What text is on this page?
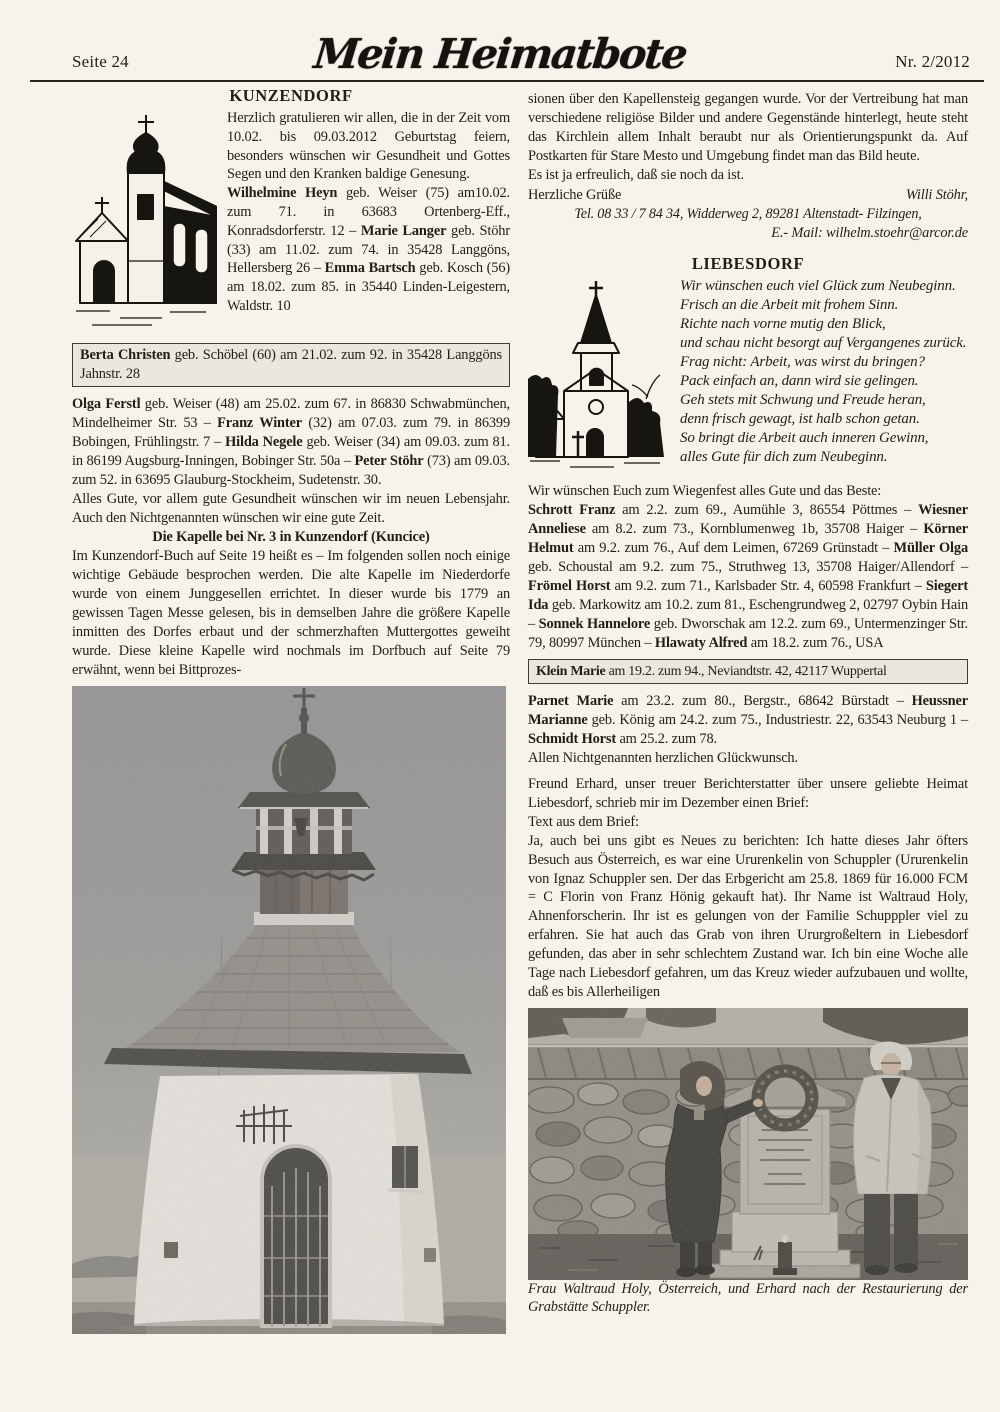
Seite 24	Mein Heimatbote	Nr. 2/2012
KUNZENDORF

Herzlich gratulieren wir allen, die in der Zeit vom 10.02. bis 09.03.2012 Geburtstag feiern, besonders wünschen wir Gesundheit und Gottes Segen und den Kranken baldige Genesung.

Wilhelmine Heyn geb. Weiser (75) am10.02. zum 71. in 63683 Ortenberg-Eff., Konradsdorferstr. 12 – Marie Langer geb. Stöhr (33) am 11.02. zum 74. in 35428 Langgöns, Hellersberg 26 – Emma Bartsch geb. Kosch (56) am 18.02. zum 85. in 35440 Linden-Leigestern, Waldstr. 10

Berta Christen geb. Schöbel (60) am 21.02. zum 92. in 35428 Langgöns Jahnstr. 28

Olga Ferstl geb. Weiser (48) am 25.02. zum 67. in 86830 Schwabmünchen, Mindelheimer Str. 53 – Franz Winter (32) am 07.03. zum 79. in 86399 Bobingen, Frühlingstr. 7 – Hilda Negele geb. Weiser (34) am 09.03. zum 81. in 86199 Augsburg-Inningen, Bobinger Str. 50a – Peter Stöhr (73) am 09.03. zum 52. in 63695 Glauburg-Stockheim, Sudetenstr. 30.

Alles Gute, vor allem gute Gesundheit wünschen wir im neuen Lebensjahr. Auch den Nichtgenannten wünschen wir eine gute Zeit.

Die Kapelle bei Nr. 3 in Kunzendorf (Kuncice)

Im Kunzendorf-Buch auf Seite 19 heißt es – Im folgenden sollen noch einige wichtige Gebäude besprochen werden. Die alte Kapelle im Niederdorfe wurde von einem Junggesellen errichtet. In dieser wurde bis 1779 an gewissen Tagen Messe gelesen, bis in demselben Jahre die größere Kapelle inmitten des Dorfes erbaut und der schmerzhaften Muttergottes geweiht wurde. Diese kleine Kapelle wird nochmals im Dorfbuch auf Seite 79 erwähnt, wenn bei Bittprozes-

sionen über den Kapellensteig gegangen wurde. Vor der Vertreibung hat man verschiedene religiöse Bilder und andere Gegenstände hinterlegt, heute steht das Kirchlein allem Inhalt beraubt nur als Orientierungspunkt da. Auf Postkarten für Stare Mesto und Umgebung findet man das Bild heute.

Es ist ja erfreulich, daß sie noch da ist.

Herzliche Grüße	Willi Stöhr,

Tel. 08 33 / 7 84 34, Widderweg 2, 89281 Altenstadt- Filzingen,

E.- Mail: wilhelm.stoehr@arcor.de

LIEBESDORF
Wir wünschen euch viel Glück zum Neubeginn.
Frisch an die Arbeit mit frohem Sinn.
Richte nach vorne mutig den Blick,
und schau nicht besorgt auf Vergangenes zurück.
Frag nicht: Arbeit, was wirst du bringen?
Pack einfach an, dann wird sie gelingen.
Geh stets mit Schwung und Freude heran,
denn frisch gewagt, ist halb schon getan.
So bringt die Arbeit auch inneren Gewinn,
alles Gute für dich zum Neubeginn.

Wir wünschen Euch zum Wiegenfest alles Gute und das Beste:

Schrott Franz am 2.2. zum 69., Aumühle 3, 86554 Pöttmes – Wiesner Anneliese am 8.2. zum 73., Kornblumenweg 1b, 35708 Haiger – Körner Helmut am 9.2. zum 76., Auf dem Leimen, 67269 Grünstadt – Müller Olga geb. Schoustal am 9.2. zum 75., Struthweg 13, 35708 Haiger/Allendorf – Frömel Horst am 9.2. zum 71., Karlsbader Str. 4, 60598 Frankfurt – Siegert Ida geb. Markowitz am 10.2. zum 81., Eschengrundweg 2, 02797 Oybin Hain – Sonnek Hannelore geb. Dworschak am 12.2. zum 69., Untermenzinger Str. 79, 80997 München – Hlawaty Alfred am 18.2. zum 76., USA

Klein Marie am 19.2. zum 94., Neviandtstr. 42, 42117 Wuppertal

Parnet Marie am 23.2. zum 80., Bergstr., 68642 Bürstadt – Heussner Marianne geb. König am 24.2. zum 75., Industriestr. 22, 63543 Neuburg 1 – Schmidt Horst am 25.2. zum 78.

Allen Nichtgenannten herzlichen Glückwunsch.

Freund Erhard, unser treuer Berichterstatter über unsere geliebte Heimat Liebesdorf, schrieb mir im Dezember einen Brief:

Text aus dem Brief:

Ja, auch bei uns gibt es Neues zu berichten: Ich hatte dieses Jahr öfters Besuch aus Österreich, es war eine Ururenkelin von Schuppler (Ururenkelin von Ignaz Schuppler sen. Der das Erbgericht am 25.8. 1869 für 16.000 FCM = C Florin von Franz Hönig gekauft hat). Ihr Name ist Waltraud Holy, Ahnenforscherin. Ihr ist es gelungen von der Familie Schupppler viel zu erfahren. Sie hat auch das Grab von ihren Ururgroßeltern in Liebesdorf gefunden, das aber in sehr schlechtem Zustand war. Ich bin eine Woche alle Tage nach Liebesdorf gefahren, um das Kreuz wieder aufzubauen und wollte, daß es bis Allerheiligen

Frau Waltraud Holy, Österreich, und Erhard nach der Restaurierung der Grabstätte Schuppler.
